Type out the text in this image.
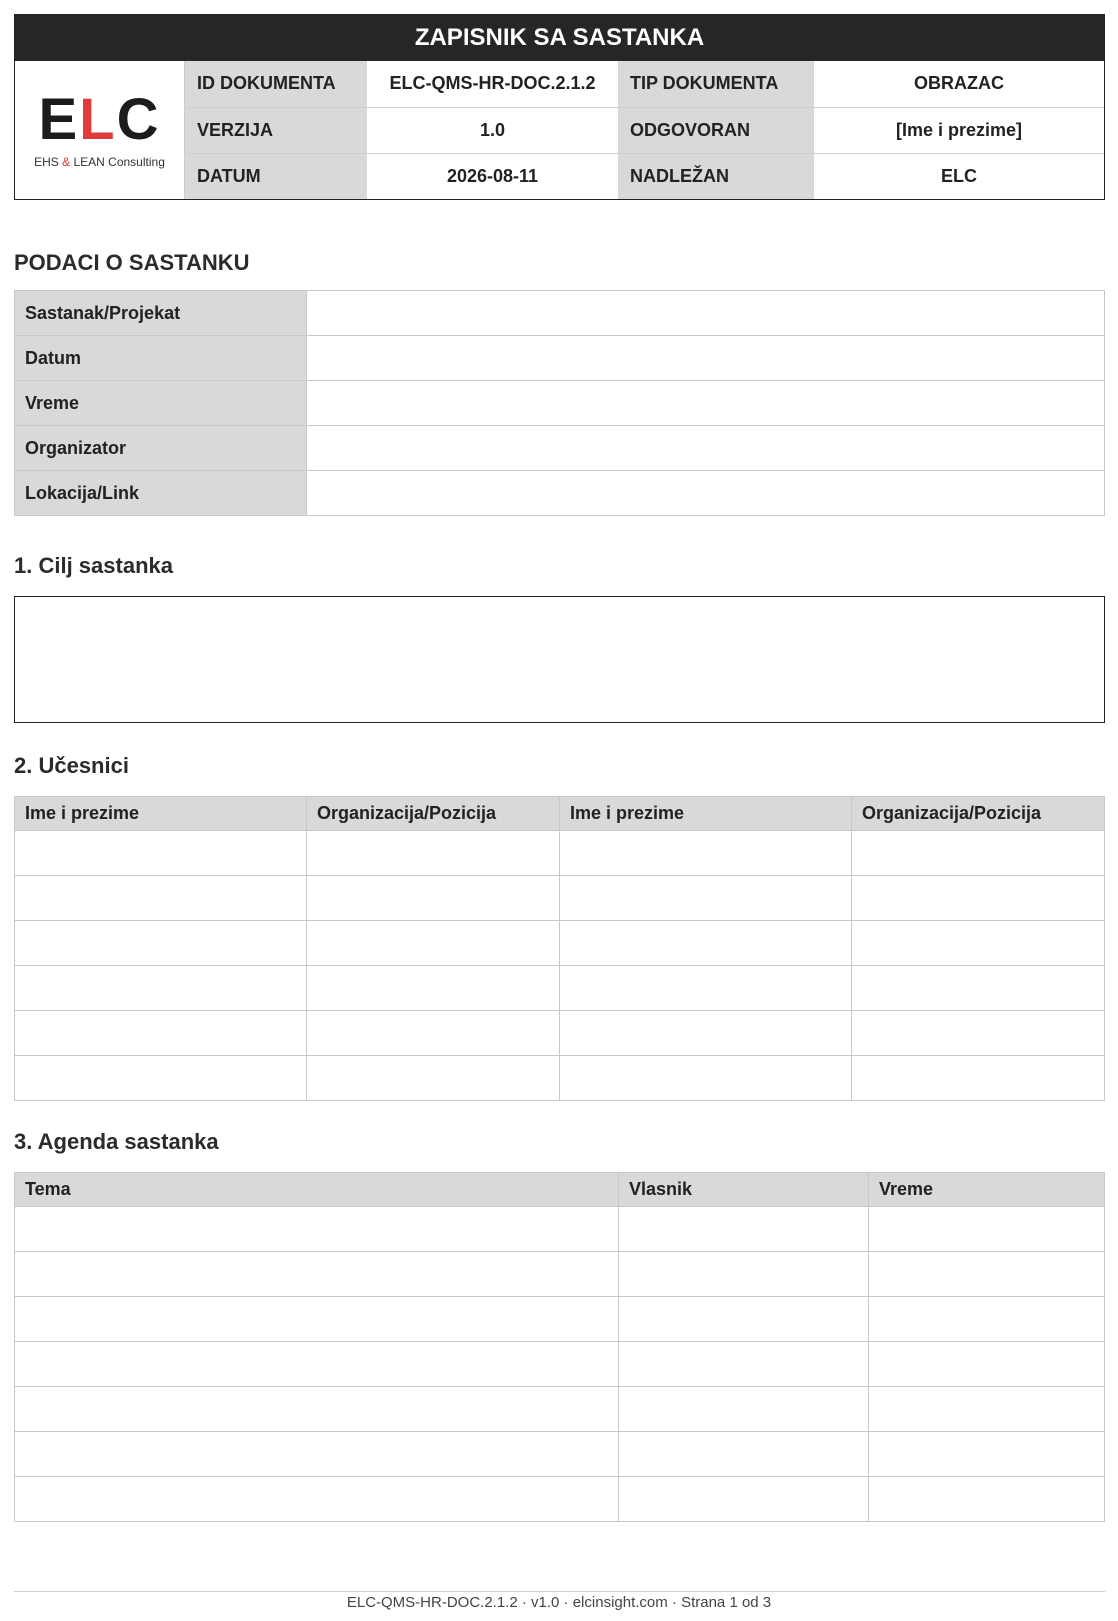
ZAPISNIK SA SASTANKA
ELC
EHS & LEAN Consulting
ID DOKUMENTA	ELC-QMS-HR-DOC.2.1.2	TIP DOKUMENTA	OBRAZAC
VERZIJA	1.0	ODGOVORAN	[Ime i prezime]
DATUM	2026-08-11	NADLEŽAN	ELC
PODACI O SASTANKU
Sastanak/Projekat	
Datum	
Vreme	
Organizator	
Lokacija/Link	
1. Cilj sastanka
2. Učesnici
Ime i prezime	Organizacija/Pozicija	Ime i prezime	Organizacija/Pozicija

3. Agenda sastanka
Tema	Vlasnik	Vreme

ELC-QMS-HR-DOC.2.1.2 · v1.0 · elcinsight.com · Strana 1 od 3
